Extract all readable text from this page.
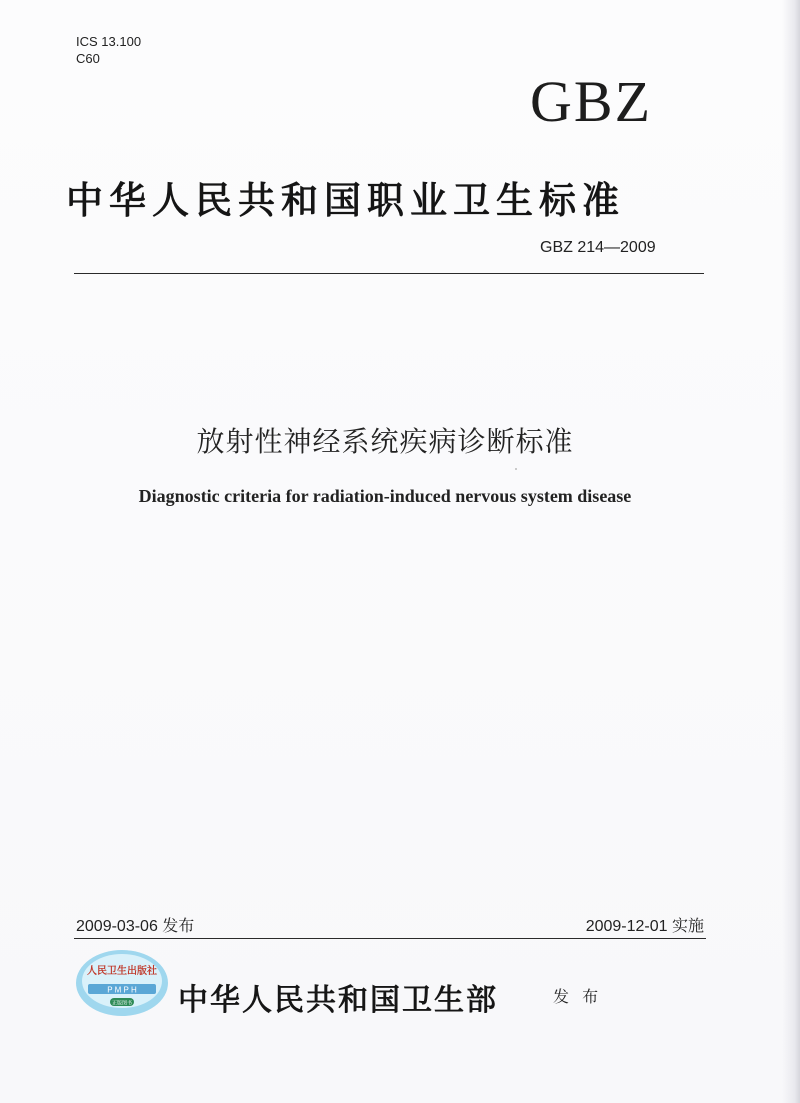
ICS 13.100
C60
GBZ
中华人民共和国职业卫生标准
GBZ 214—2009
放射性神经系统疾病诊断标准
Diagnostic criteria for radiation-induced nervous system disease
2009-03-06 发布	2009-12-01 实施
人民卫生出版社
P M P H
正版图书 中华人民共和国卫生部	发 布
